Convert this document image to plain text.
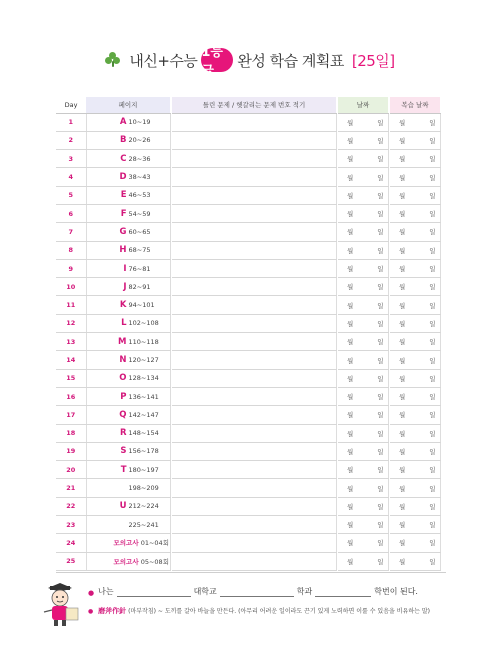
내신+수능 1등급
완성 학습 계획표 [25일]
Day	페이지		틀린 문제 / 헷갈리는 문제 번호 적기		날짜		복습 날짜
1	A 10~19				월 일		월 일
2	B 20~26				월 일		월 일
3	C 28~36				월 일		월 일
4	D 38~43				월 일		월 일
5	E 46~53				월 일		월 일
6	F 54~59				월 일		월 일
7	G 60~65				월 일		월 일
8	H 68~75				월 일		월 일
9	I 76~81				월 일		월 일
10	J 82~91				월 일		월 일
11	K 94~101				월 일		월 일
12	L 102~108				월 일		월 일
13	M 110~118				월 일		월 일
14	N 120~127				월 일		월 일
15	O 128~134				월 일		월 일
16	P 136~141				월 일		월 일
17	Q 142~147				월 일		월 일
18	R 148~154				월 일		월 일
19	S 156~178				월 일		월 일
20	T 180~197				월 일		월 일
21	198~209				월 일		월 일
22	U 212~224				월 일		월 일
23	225~241				월 일		월 일
24	모의고사 01~04회				월 일		월 일
25	모의고사 05~08회				월 일		월 일
● 나는	대학교	학과	학번이 된다.
● 磨斧作針 (마부작침) ~ 도끼를 갈아 바늘을 만든다. (아무리 어려운 일이라도 끈기 있게 노력하면 이룰 수 있음을 비유하는 말)
